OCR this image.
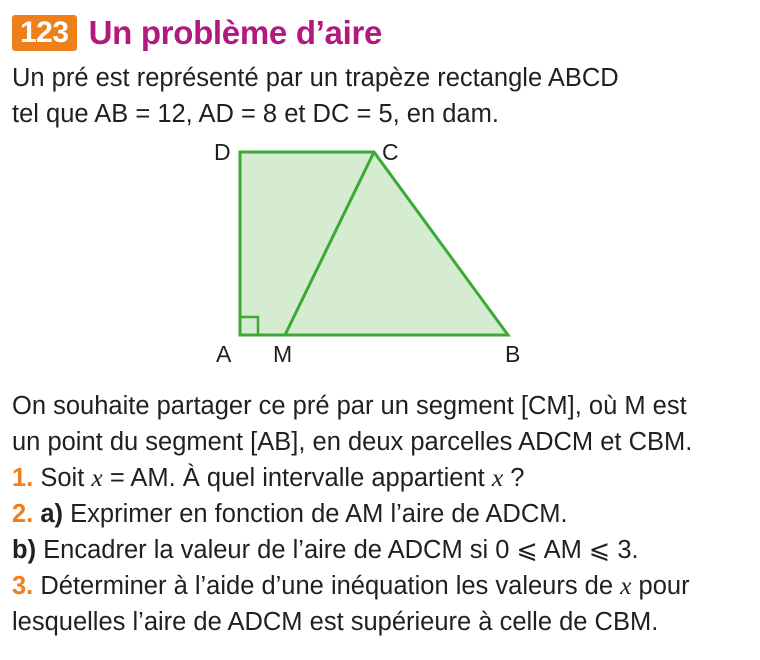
123 Un problème d’aire

Un pré est représenté par un trapèze rectangle ABCD
tel que AB = 12, AD = 8 et DC = 5, en dam.

D	C
A M	B

On souhaite partager ce pré par un segment [CM], où M est
un point du segment [AB], en deux parcelles ADCM et CBM.

1. Soit x = AM. À quel intervalle appartient x ?

2. a) Exprimer en fonction de AM l’aire de ADCM.

b) Encadrer la valeur de l’aire de ADCM si 0 ⩽ AM ⩽ 3.

3. Déterminer à l’aide d’une inéquation les valeurs de x pour
lesquelles l’aire de ADCM est supérieure à celle de CBM.
